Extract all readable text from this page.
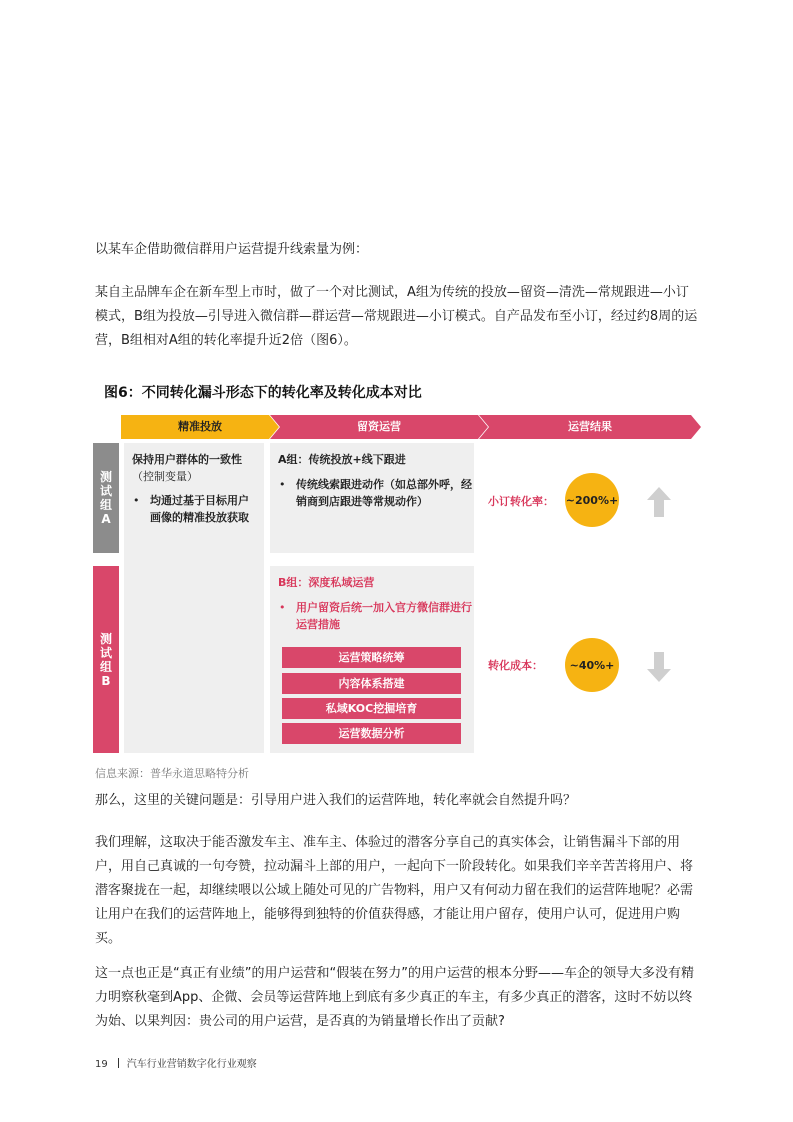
以某车企借助微信群用户运营提升线索量为例：

某自主品牌车企在新车型上市时，做了一个对比测试，A组为传统的投放—留资—清洗—常规跟进—小订模式，B组为投放—引导进入微信群—群运营—常规跟进—小订模式。自产品发布至小订，经过约8周的运营，B组相对A组的转化率提升近2倍（图6）。

图6：不同转化漏斗形态下的转化率及转化成本对比
精准投放	留资运营	运营结果
测试组A
测试组B
保持用户群体的一致性
（控制变量）
• 均通过基于目标用户画像的精准投放获取
A组：传统投放+线下跟进
• 传统线索跟进动作（如总部外呼，经销商到店跟进等常规动作）
B组：深度私域运营
• 用户留资后统一加入官方微信群进行运营措施
运营策略统筹
内容体系搭建
私域KOC挖掘培育
运营数据分析
小订转化率： ~200%+
转化成本： ~40%+
信息来源：普华永道思略特分析

那么，这里的关键问题是：引导用户进入我们的运营阵地，转化率就会自然提升吗？

我们理解，这取决于能否激发车主、准车主、体验过的潜客分享自己的真实体会，让销售漏斗下部的用户，用自己真诚的一句夸赞，拉动漏斗上部的用户，一起向下一阶段转化。如果我们辛辛苦苦将用户、将潜客聚拢在一起，却继续喂以公域上随处可见的广告物料，用户又有何动力留在我们的运营阵地呢？必需让用户在我们的运营阵地上，能够得到独特的价值获得感，才能让用户留存，使用户认可，促进用户购买。

这一点也正是“真正有业绩”的用户运营和“假装在努力”的用户运营的根本分野——车企的领导大多没有精力明察秋毫到App、企微、会员等运营阵地上到底有多少真正的车主，有多少真正的潜客，这时不妨以终为始、以果判因：贵公司的用户运营，是否真的为销量增长作出了贡献?

19 汽车行业营销数字化行业观察
